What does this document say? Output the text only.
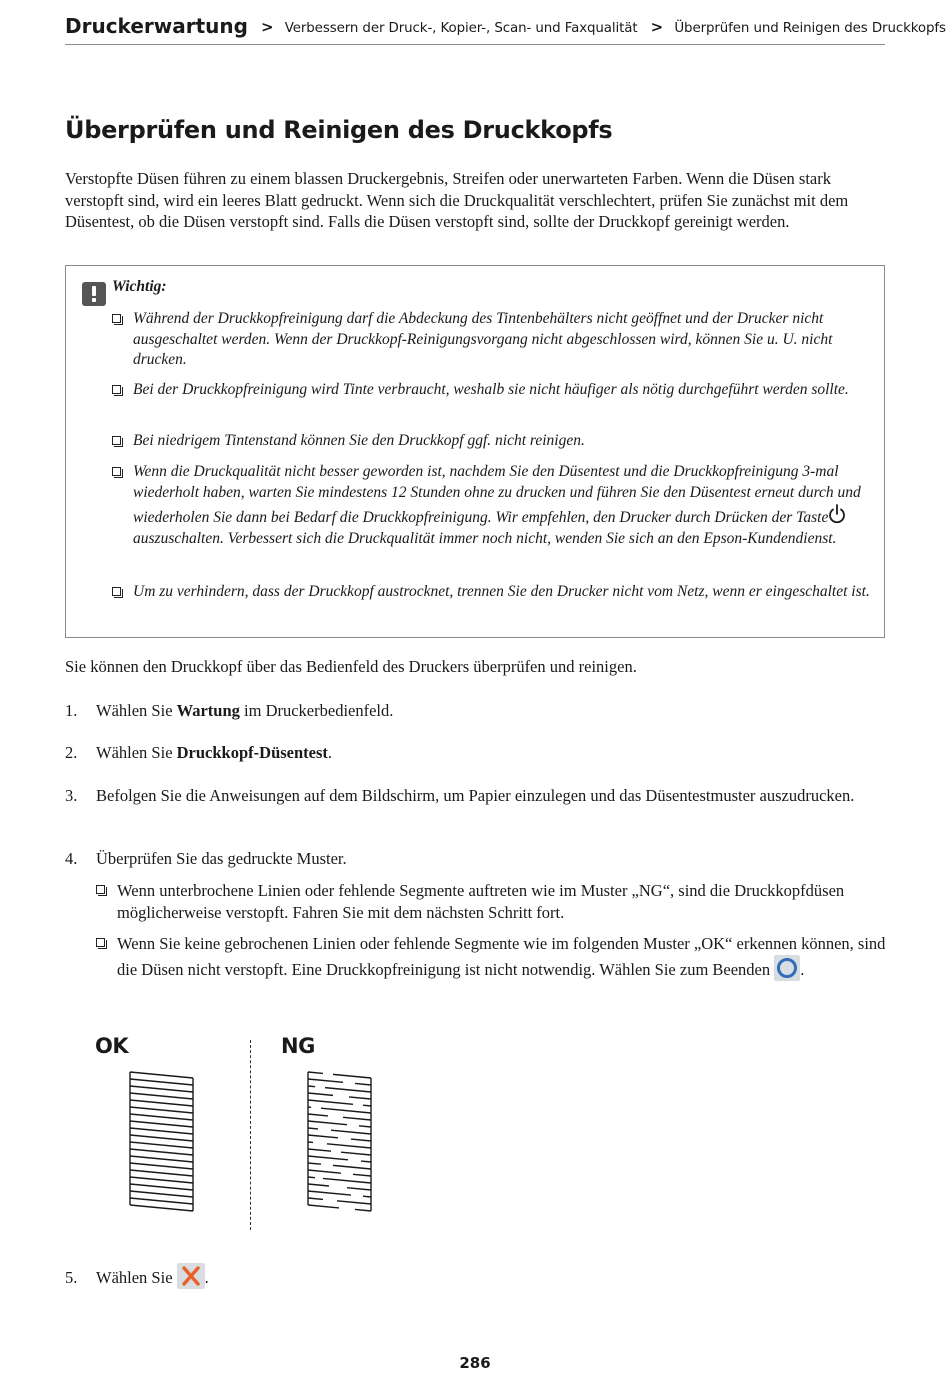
Druckerwartung > Verbessern der Druck-, Kopier-, Scan- und Faxqualität > Überprüfen und Reinigen des Druckkopfs
Überprüfen und Reinigen des Druckkopfs
Verstopfte Düsen führen zu einem blassen Druckergebnis, Streifen oder unerwarteten Farben. Wenn die Düsen stark verstopft sind, wird ein leeres Blatt gedruckt. Wenn sich die Druckqualität verschlechtert, prüfen Sie zunächst mit dem Düsentest, ob die Düsen verstopft sind. Falls die Düsen verstopft sind, sollte der Druckkopf gereinigt werden.
Wichtig:
Während der Druckkopfreinigung darf die Abdeckung des Tintenbehälters nicht geöffnet und der Drucker nicht ausgeschaltet werden. Wenn der Druckkopf-Reinigungsvorgang nicht abgeschlossen wird, können Sie u. U. nicht drucken.
Bei der Druckkopfreinigung wird Tinte verbraucht, weshalb sie nicht häufiger als nötig durchgeführt werden sollte.
Bei niedrigem Tintenstand können Sie den Druckkopf ggf. nicht reinigen.
Wenn die Druckqualität nicht besser geworden ist, nachdem Sie den Düsentest und die Druckkopfreinigung 3-mal wiederholt haben, warten Sie mindestens 12 Stunden ohne zu drucken und führen Sie den Düsentest erneut durch und wiederholen Sie dann bei Bedarf die Druckkopfreinigung. Wir empfehlen, den Drucker durch Drücken der Taste auszuschalten. Verbessert sich die Druckqualität immer noch nicht, wenden Sie sich an den Epson-Kundendienst.
Um zu verhindern, dass der Druckkopf austrocknet, trennen Sie den Drucker nicht vom Netz, wenn er eingeschaltet ist.
Sie können den Druckkopf über das Bedienfeld des Druckers überprüfen und reinigen.
1.	Wählen Sie Wartung im Druckerbedienfeld.
2.	Wählen Sie Druckkopf-Düsentest.
3.	Befolgen Sie die Anweisungen auf dem Bildschirm, um Papier einzulegen und das Düsentestmuster auszudrucken.
4.	Überprüfen Sie das gedruckte Muster.
Wenn unterbrochene Linien oder fehlende Segmente auftreten wie im Muster „NG“, sind die Druckkopfdüsen möglicherweise verstopft. Fahren Sie mit dem nächsten Schritt fort.
Wenn Sie keine gebrochenen Linien oder fehlende Segmente wie im folgenden Muster „OK“ erkennen können, sind die Düsen nicht verstopft. Eine Druckkopfreinigung ist nicht notwendig. Wählen Sie zum Beenden .
OK	NG
5.	Wählen Sie .
286
